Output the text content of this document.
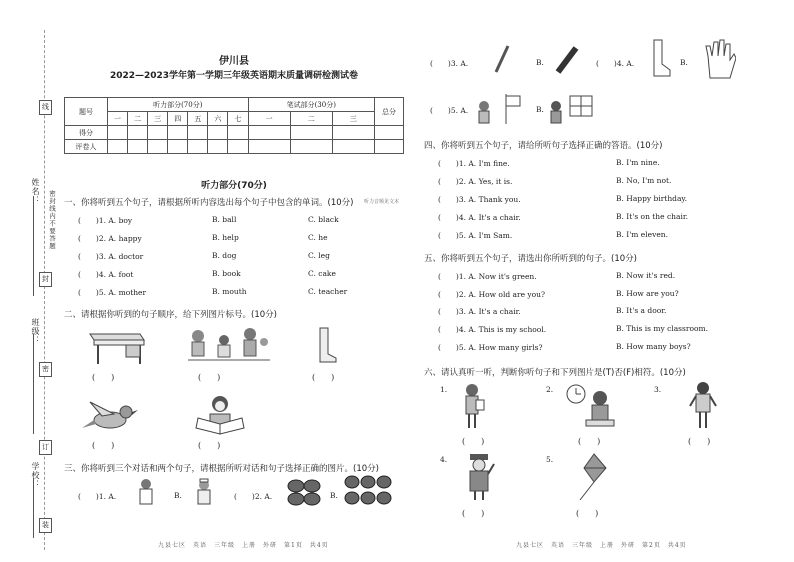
姓名：
班级：
学校：
密封线内不要答题
线
封
密
订
装
伊川县
2022—2023学年第一学期三年级英语期末质量调研检测试卷
题号	听力部分(70分)							笔试部分(30分)			总分
	一	二	三	四	五	六	七	一	二	三	
得分											
评卷人											
听力部分(70分)
一、你将听到五个句子，请根据所听内容选出每个句子中包含的单词。(10分) 听力音频见文本
(　　)1. A. boy	B. ball	C. black
(　　)2. A. happy	B. help	C. he
(　　)3. A. doctor	B. dog	C. leg
(　　)4. A. foot	B. book	C. cake
(　　)5. A. mother	B. mouth	C. teacher
二、请根据你听到的句子顺序，给下列图片标号。(10分)
(　　)	(　　)	(　　)
(　　)	(　　)
三、你将听到三个对话和两个句子，请根据所听对话和句子选择正确的图片。(10分)
(　　)1. A.	B.	(　　)2. A.	B.
九县七区　英语　三年级　上册　外研　第1页　共4页
(　　)3. A.	B.	(　　)4. A.	B.
(　　)5. A.	B.
四、你将听到五个句子，请给所听句子选择正确的答语。(10分)
(　　)1. A. I'm fine.	B. I'm nine.
(　　)2. A. Yes, it is.	B. No, I'm not.
(　　)3. A. Thank you.	B. Happy birthday.
(　　)4. A. It's a chair.	B. It's on the chair.
(　　)5. A. I'm Sam.	B. I'm eleven.
五、你将听到五个句子，请选出你所听到的句子。(10分)
(　　)1. A. Now it's green.	B. Now it's red.
(　　)2. A. How old are you?	B. How are you?
(　　)3. A. It's a chair.	B. It's a door.
(　　)4. A. This is my school.	B. This is my classroom.
(　　)5. A. How many girls?	B. How many boys?
六、请认真听一听，判断你听句子和下列图片是(T)否(F)相符。(10分)
1.
(　　)
2.
(　　)
3.
(　　)
4.
(　　)
5.
(　　)
九县七区　英语　三年级　上册　外研　第2页　共4页
